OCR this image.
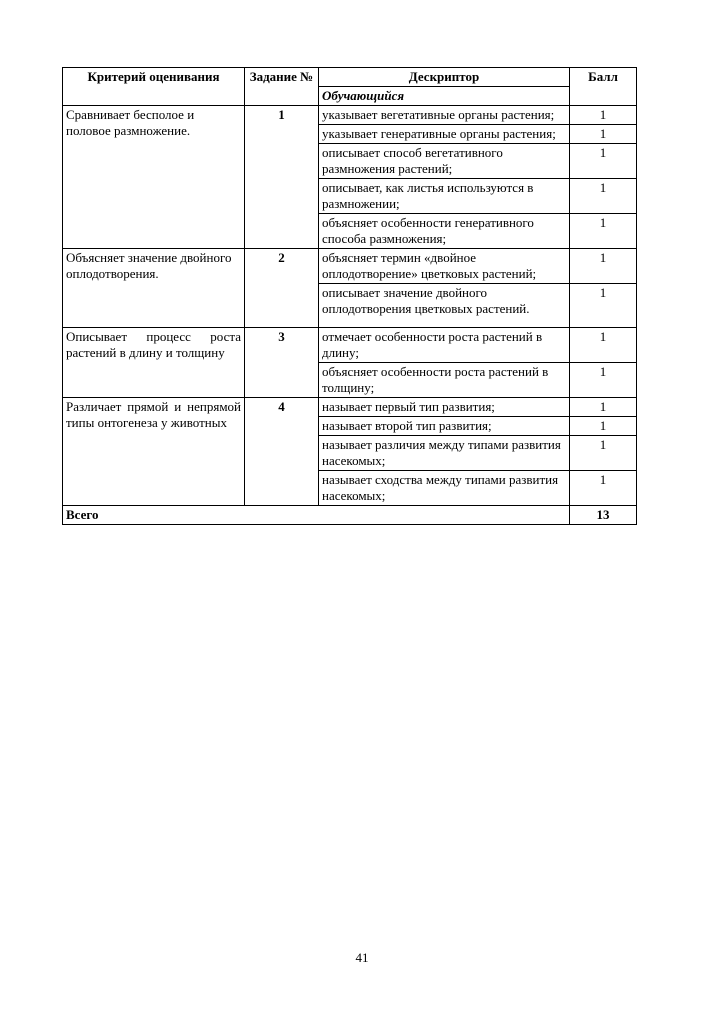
Критерий оценивания	Задание №	Дескриптор	Балл
		Обучающийся	
Сравнивает бесполое и половое размножение.	1	указывает вегетативные органы растения;	1
		указывает генеративные органы растения;	1
		описывает способ вегетативного размножения растений;	1
		описывает, как листья используются в размножении;	1
		объясняет особенности генеративного способа размножения;	1
Объясняет значение двойного оплодотворения.	2	объясняет термин «двойное оплодотворение» цветковых растений;	1
		описывает значение двойного оплодотворения цветковых растений.	1
Описывает процесс роста растений в длину и толщину	3	отмечает особенности роста растений в длину;	1
		объясняет особенности роста растений в толщину;	1
Различает прямой и непрямой типы онтогенеза у животных	4	называет первый тип развития;	1
		называет второй тип развития;	1
		называет различия между типами развития насекомых;	1
		называет сходства между типами развития насекомых;	1
Всего			13
41
